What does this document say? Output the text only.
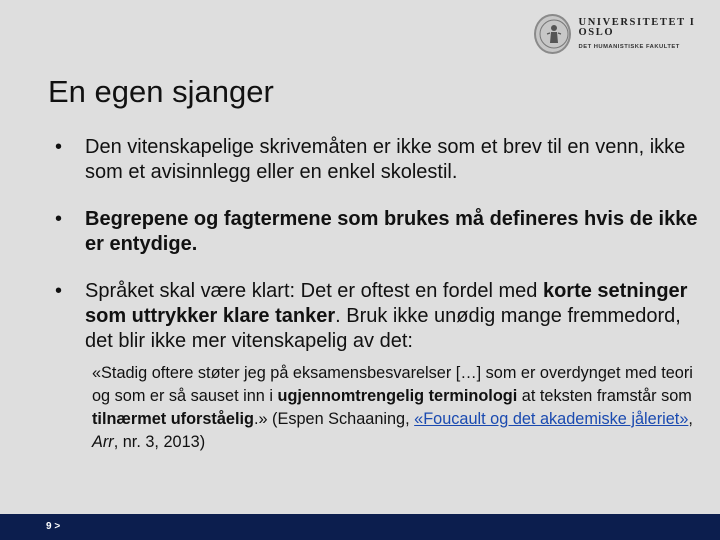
UNIVERSITETET I OSLO
DET HUMANISTISKE FAKULTET
En egen sjanger
•	Den vitenskapelige skrivemåten er ikke som et brev til en venn, ikke som et avisinnlegg eller en enkel skolestil.
•	Begrepene og fagtermene som brukes må defineres hvis de ikke er entydige.
•	Språket skal være klart: Det er oftest en fordel med korte setninger som uttrykker klare tanker. Bruk ikke unødig mange fremmedord, det blir ikke mer vitenskapelig av det:
«Stadig oftere støter jeg på eksamensbesvarelser […] som er overdynget med teori og som er så sauset inn i ugjennomtrengelig terminologi at teksten framstår som tilnærmet uforståelig.» (Espen Schaaning, «Foucault og det akademiske jåleriet», Arr, nr. 3, 2013)
9 >
